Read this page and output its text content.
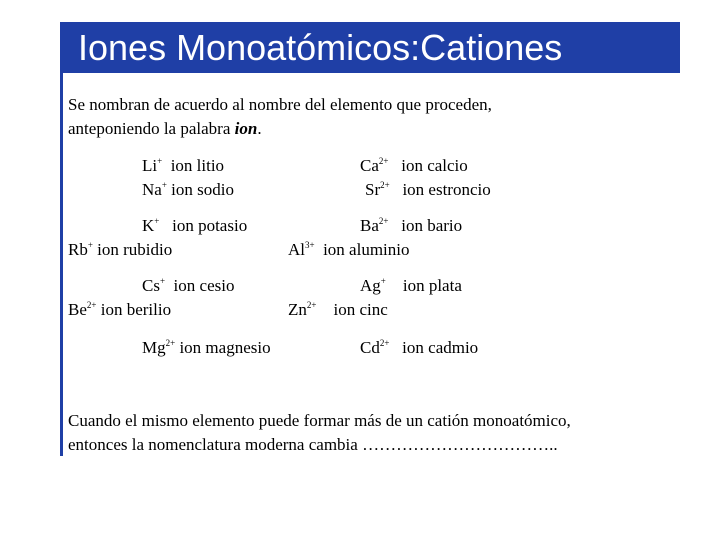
Iones Monoatómicos:Cationes
Se nombran de acuerdo al nombre del elemento que proceden,
anteponiendo la palabra ion.
Li+ ion litio	$Ca^{2+}$ ion calcio
Na+ ion sodio	$Sr^{2+}$ ion estroncio
K+ ion potasio	$Ba^{2+}$ ion bario
Rb+ ion rubidio	$Al^{3+}$ ion aluminio
Cs+ ion cesio	Ag+ ion plata
$Be^{2+}$ ion berilio	$Zn^{2+}$ ion cinc
$Mg^{2+}$ ion magnesio	$Cd^{2+}$ ion cadmio
Cuando el mismo elemento puede formar más de un catión monoatómico,
entonces la nomenclatura moderna cambia ……………………………..
